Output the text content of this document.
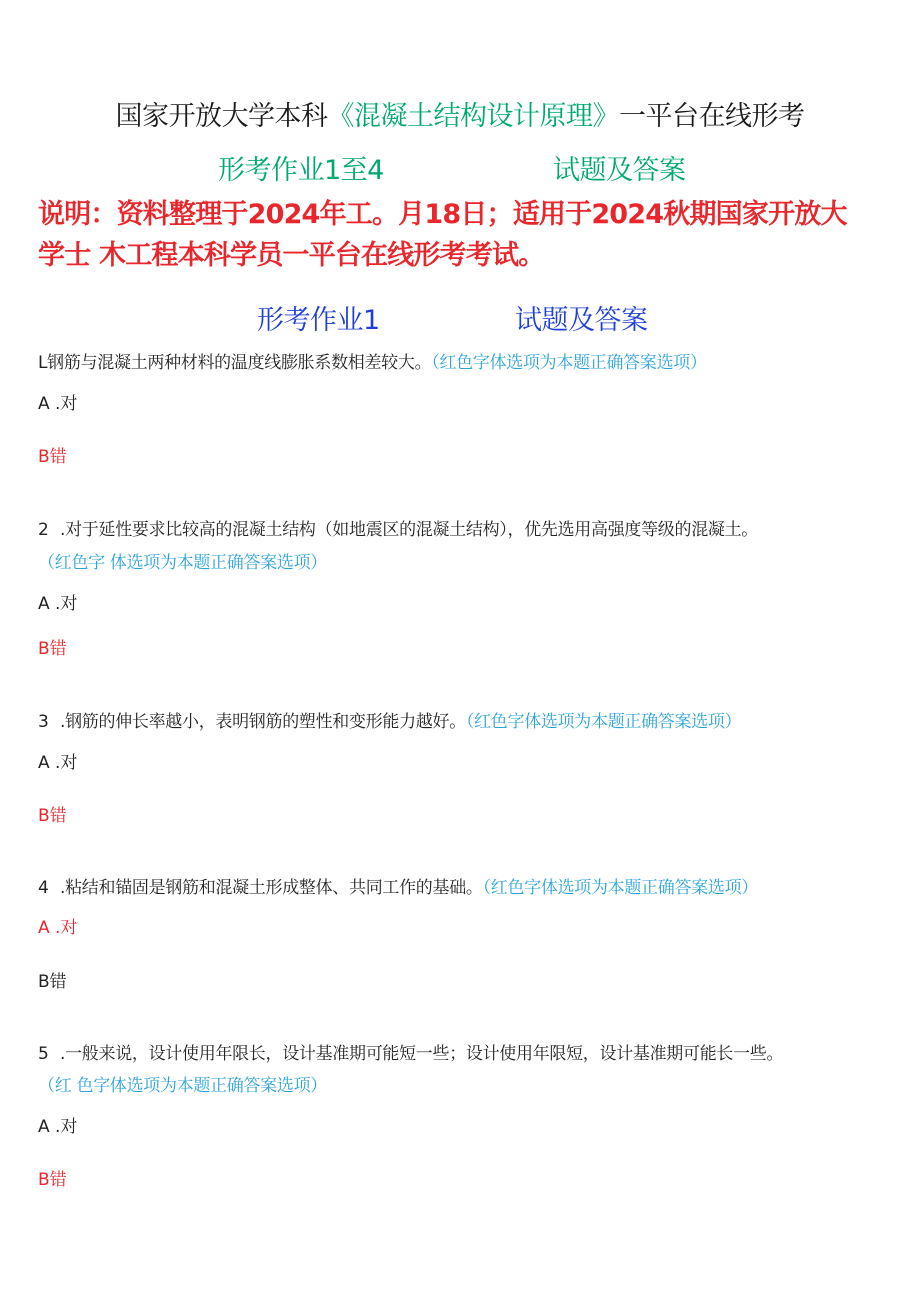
国家开放大学本科《混凝土结构设计原理》一平台在线形考
形考作业1至4	试题及答案
说明：资料整理于2024年工。月18日；适用于2024秋期国家开放大
学士 木工程本科学员一平台在线形考考试。
形考作业1	试题及答案
L钢筋与混凝土两种材料的温度线膨胀系数相差较大。（红色字体选项为本题正确答案选项）
A .对
B错
2 .对于延性要求比较高的混凝土结构（如地震区的混凝土结构），优先选用高强度等级的混凝土。
（红色字 体选项为本题正确答案选项）
A .对
B错
3 .钢筋的伸长率越小，表明钢筋的塑性和变形能力越好。（红色字体选项为本题正确答案选项）
A .对
B错
4 .粘结和锚固是钢筋和混凝土形成整体、共同工作的基础。（红色字体选项为本题正确答案选项）
A .对
B错
5 .一般来说，设计使用年限长，设计基准期可能短一些；设计使用年限短，设计基准期可能长一些。
（红 色字体选项为本题正确答案选项）
A .对
B错
